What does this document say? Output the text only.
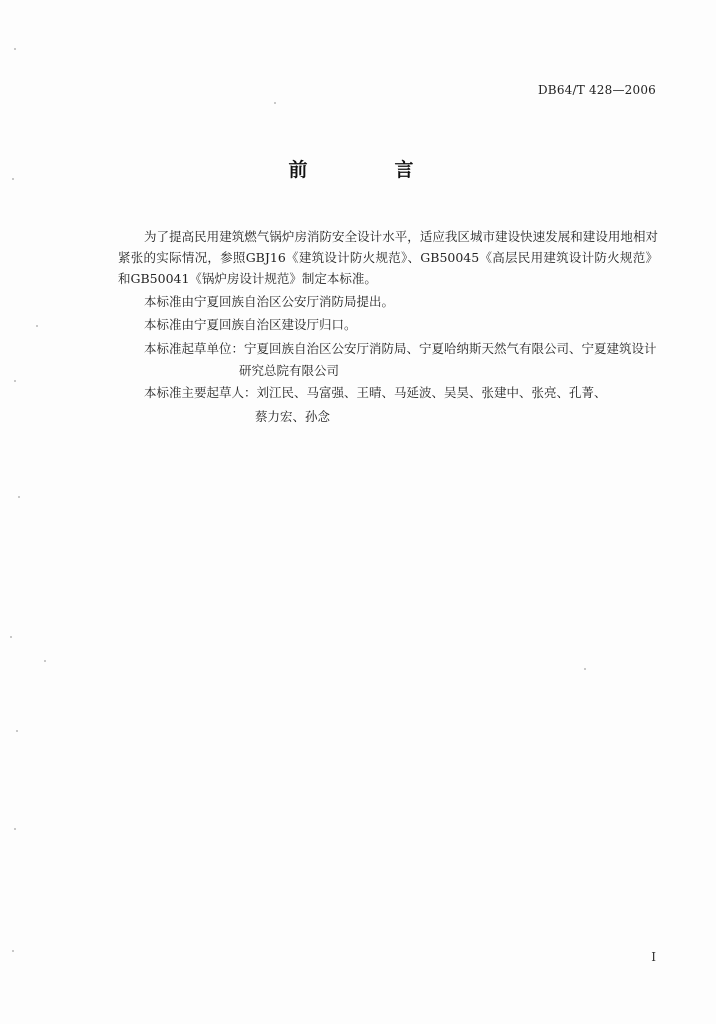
DB64/T 428—2006
前　言
为了提高民用建筑燃气锅炉房消防安全设计水平，适应我区城市建设快速发展和建设用地相对紧张的实际情况，参照GBJ16《建筑设计防火规范》、GB50045《高层民用建筑设计防火规范》和GB50041《锅炉房设计规范》制定本标准。
本标准由宁夏回族自治区公安厅消防局提出。
本标准由宁夏回族自治区建设厅归口。
本标准起草单位：宁夏回族自治区公安厅消防局、宁夏哈纳斯天然气有限公司、宁夏建筑设计
研究总院有限公司
本标准主要起草人：刘江民、马富强、王晴、马延波、吴昊、张建中、张亮、孔菁、
蔡力宏、孙念
I
